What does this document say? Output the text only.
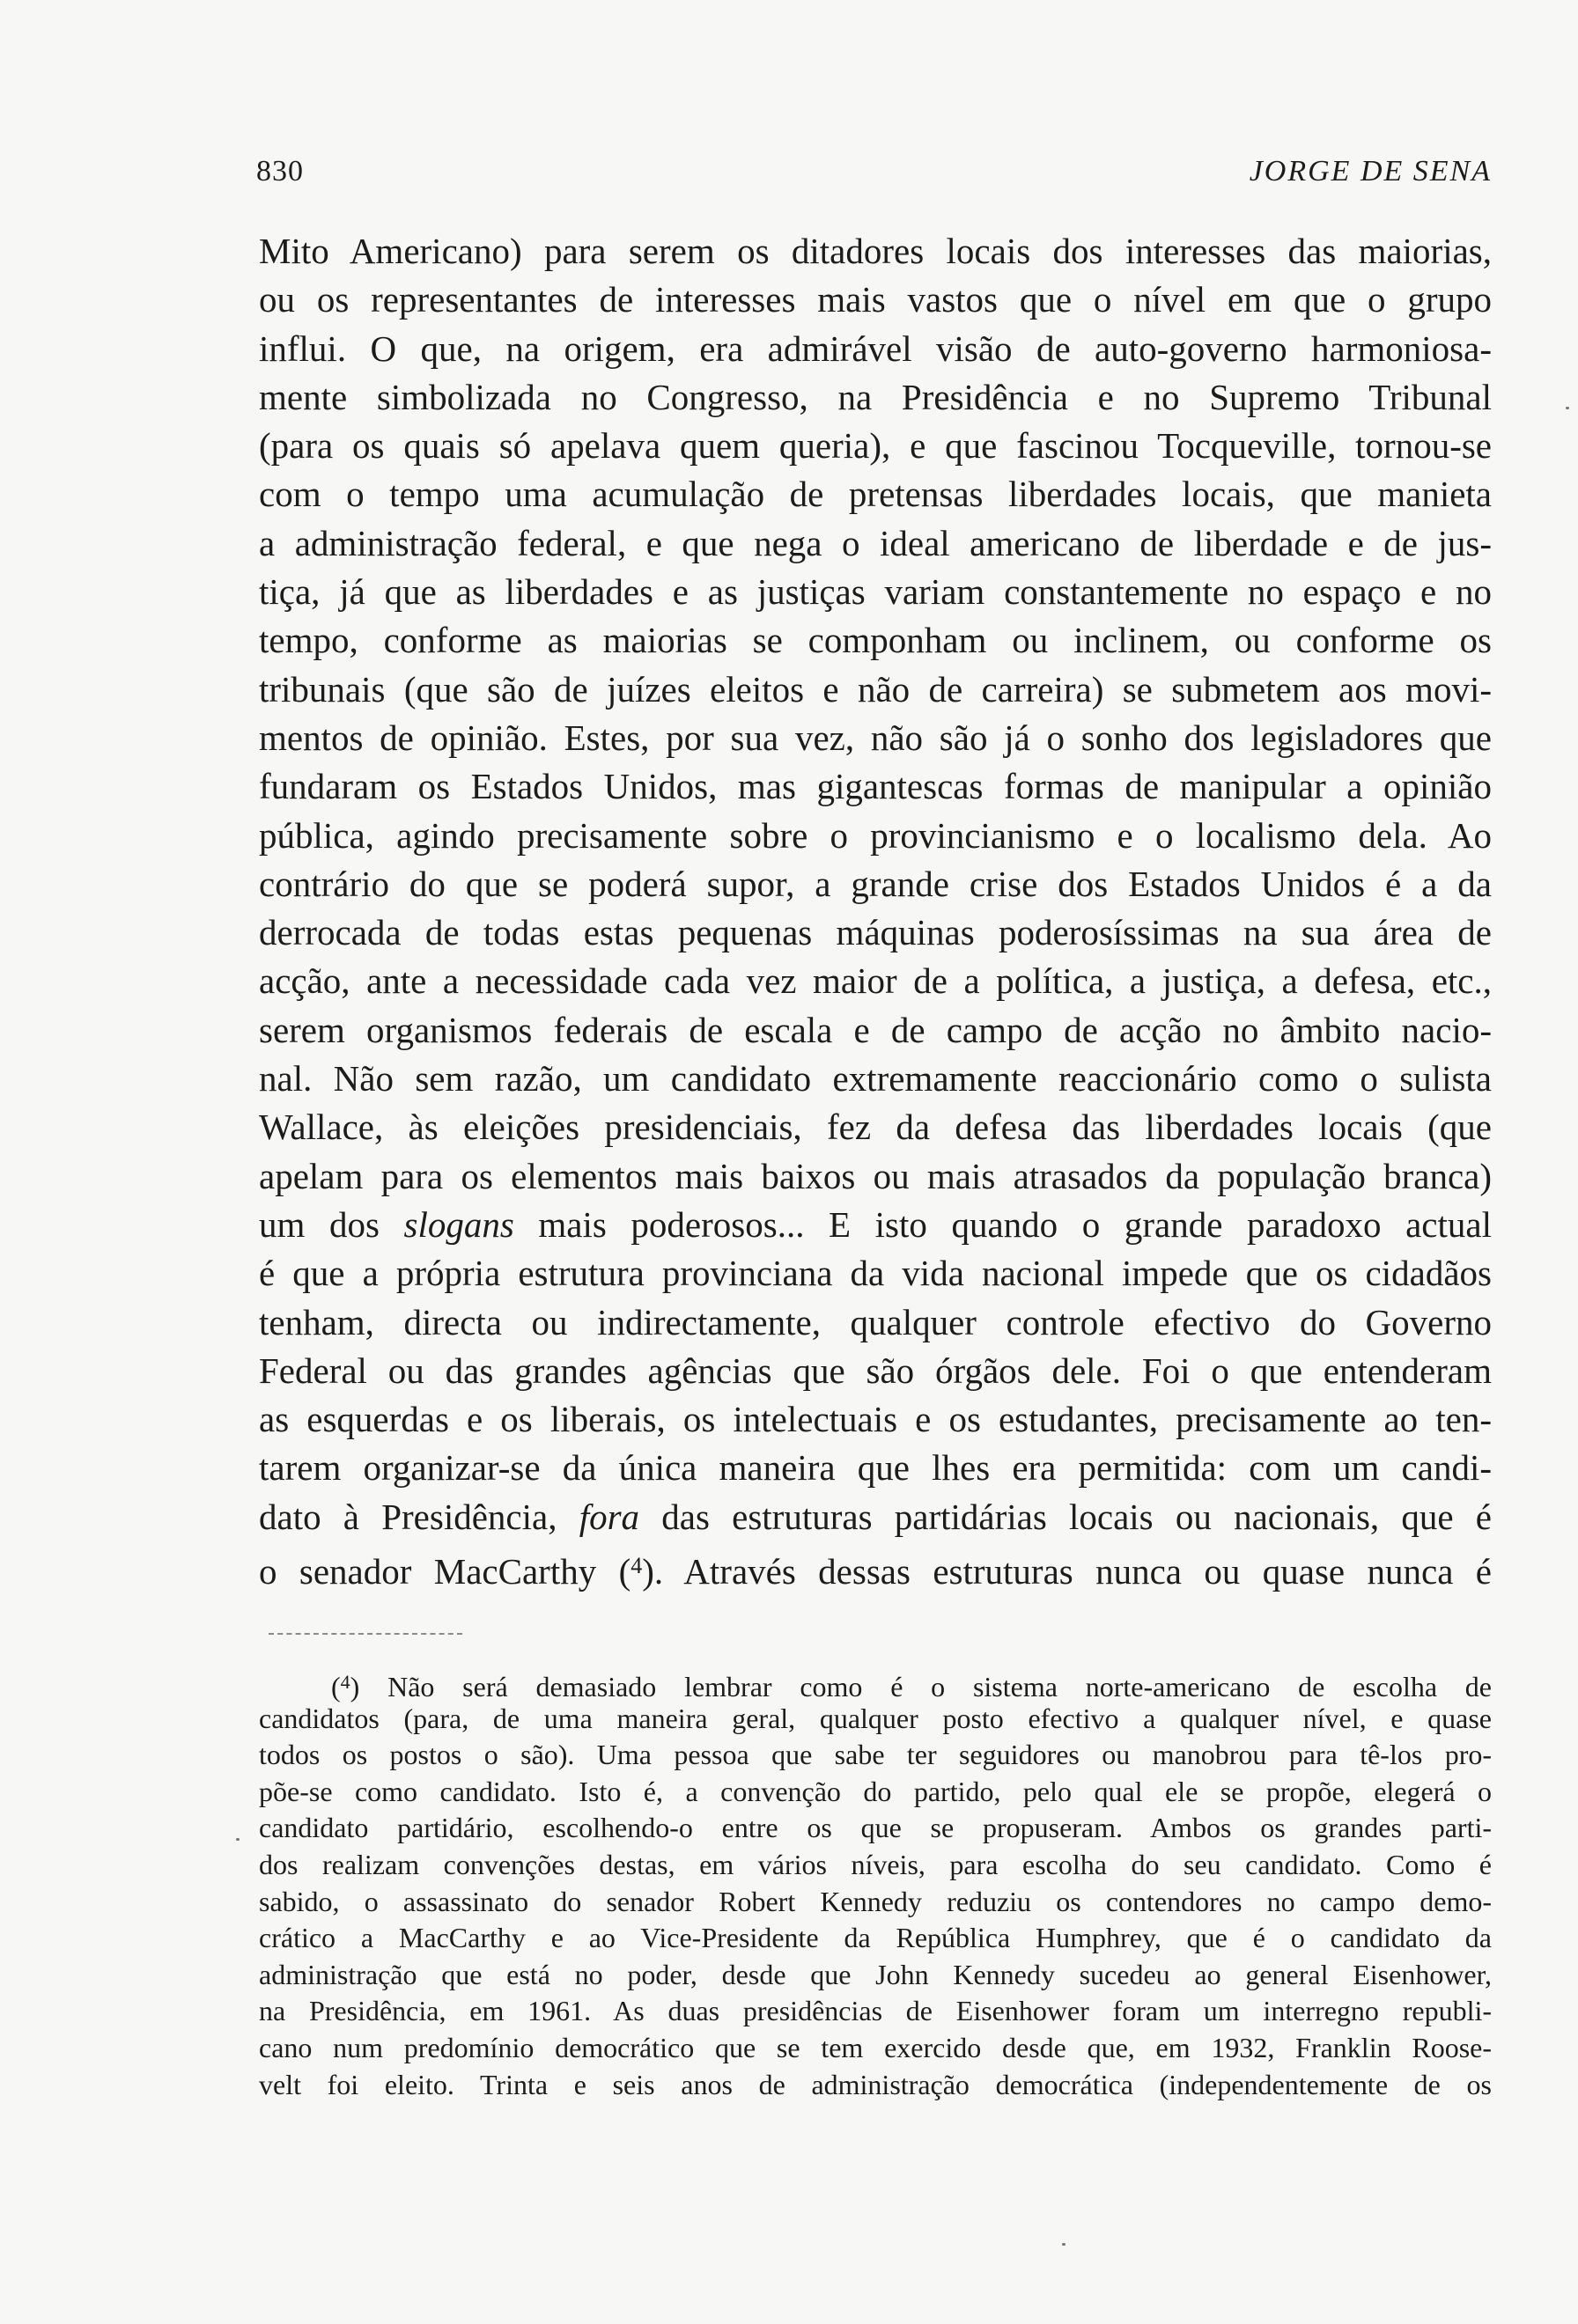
830	JORGE DE SENA
Mito Americano) para serem os ditadores locais dos interesses das maiorias,
ou os representantes de interesses mais vastos que o nível em que o grupo
influi. O que, na origem, era admirável visão de auto-governo harmoniosa-
mente simbolizada no Congresso, na Presidência e no Supremo Tribunal
(para os quais só apelava quem queria), e que fascinou Tocqueville, tornou-se
com o tempo uma acumulação de pretensas liberdades locais, que manieta
a administração federal, e que nega o ideal americano de liberdade e de jus-
tiça, já que as liberdades e as justiças variam constantemente no espaço e no
tempo, conforme as maiorias se componham ou inclinem, ou conforme os
tribunais (que são de juízes eleitos e não de carreira) se submetem aos movi-
mentos de opinião. Estes, por sua vez, não são já o sonho dos legisladores que
fundaram os Estados Unidos, mas gigantescas formas de manipular a opinião
pública, agindo precisamente sobre o provincianismo e o localismo dela. Ao
contrário do que se poderá supor, a grande crise dos Estados Unidos é a da
derrocada de todas estas pequenas máquinas poderosíssimas na sua área de
acção, ante a necessidade cada vez maior de a política, a justiça, a defesa, etc.,
serem organismos federais de escala e de campo de acção no âmbito nacio-
nal. Não sem razão, um candidato extremamente reaccionário como o sulista
Wallace, às eleições presidenciais, fez da defesa das liberdades locais (que
apelam para os elementos mais baixos ou mais atrasados da população branca)
um dos slogans mais poderosos... E isto quando o grande paradoxo actual
é que a própria estrutura provinciana da vida nacional impede que os cidadãos
tenham, directa ou indirectamente, qualquer controle efectivo do Governo
Federal ou das grandes agências que são órgãos dele. Foi o que entenderam
as esquerdas e os liberais, os intelectuais e os estudantes, precisamente ao ten-
tarem organizar-se da única maneira que lhes era permitida: com um candi-
dato à Presidência, fora das estruturas partidárias locais ou nacionais, que é
o senador MacCarthy ($^4$). Através dessas estruturas nunca ou quase nunca é
($^4$) Não será demasiado lembrar como é o sistema norte-americano de escolha de
candidatos (para, de uma maneira geral, qualquer posto efectivo a qualquer nível, e quase
todos os postos o são). Uma pessoa que sabe ter seguidores ou manobrou para tê-los pro-
põe-se como candidato. Isto é, a convenção do partido, pelo qual ele se propõe, elegerá o
candidato partidário, escolhendo-o entre os que se propuseram. Ambos os grandes parti-
dos realizam convenções destas, em vários níveis, para escolha do seu candidato. Como é
sabido, o assassinato do senador Robert Kennedy reduziu os contendores no campo demo-
crático a MacCarthy e ao Vice-Presidente da República Humphrey, que é o candidato da
administração que está no poder, desde que John Kennedy sucedeu ao general Eisenhower,
na Presidência, em 1961. As duas presidências de Eisenhower foram um interregno republi-
cano num predomínio democrático que se tem exercido desde que, em 1932, Franklin Roose-
velt foi eleito. Trinta e seis anos de administração democrática (independentemente de os
